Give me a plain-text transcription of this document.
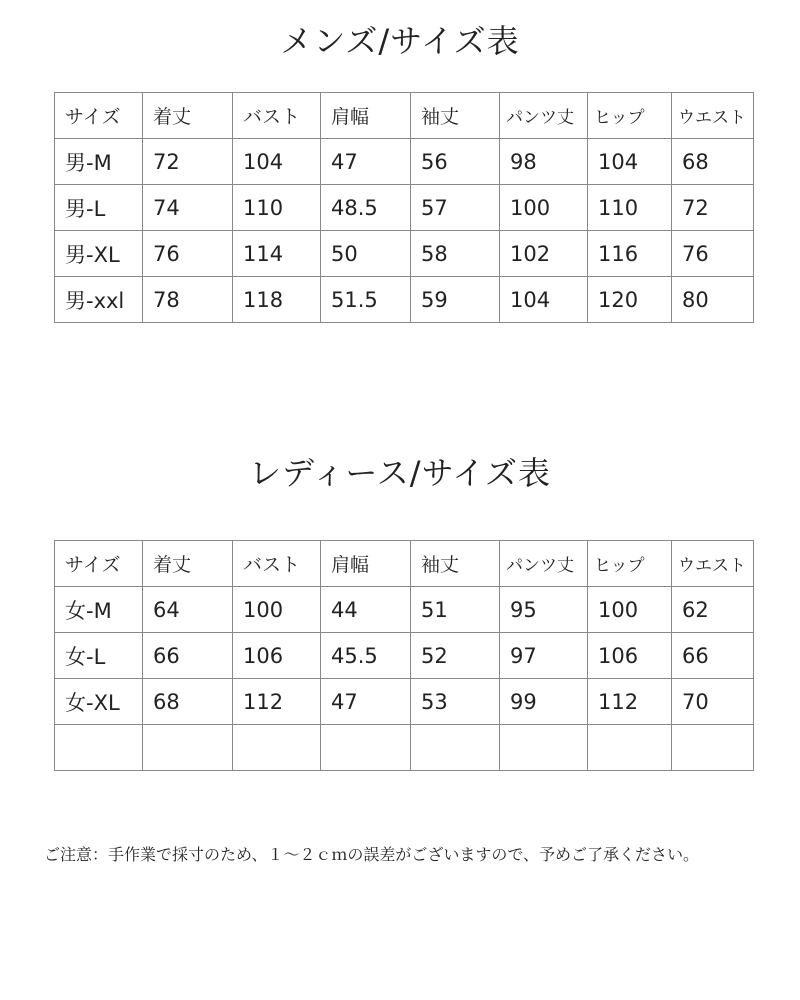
メンズ/サイズ表
サイズ	着丈	バスト	肩幅	袖丈	パンツ丈	ヒップ	ウエスト
男-M	72	104	47	56	98	104	68
男-L	74	110	48.5	57	100	110	72
男-XL	76	114	50	58	102	116	76
男-xxl	78	118	51.5	59	104	120	80
レディース/サイズ表
サイズ	着丈	バスト	肩幅	袖丈	パンツ丈	ヒップ	ウエスト
女-M	64	100	44	51	95	100	62
女-L	66	106	45.5	52	97	106	66
女-XL	68	112	47	53	99	112	70

ご注意：手作業で採寸のため、１～２ｃｍの誤差がございますので、予めご了承ください。
